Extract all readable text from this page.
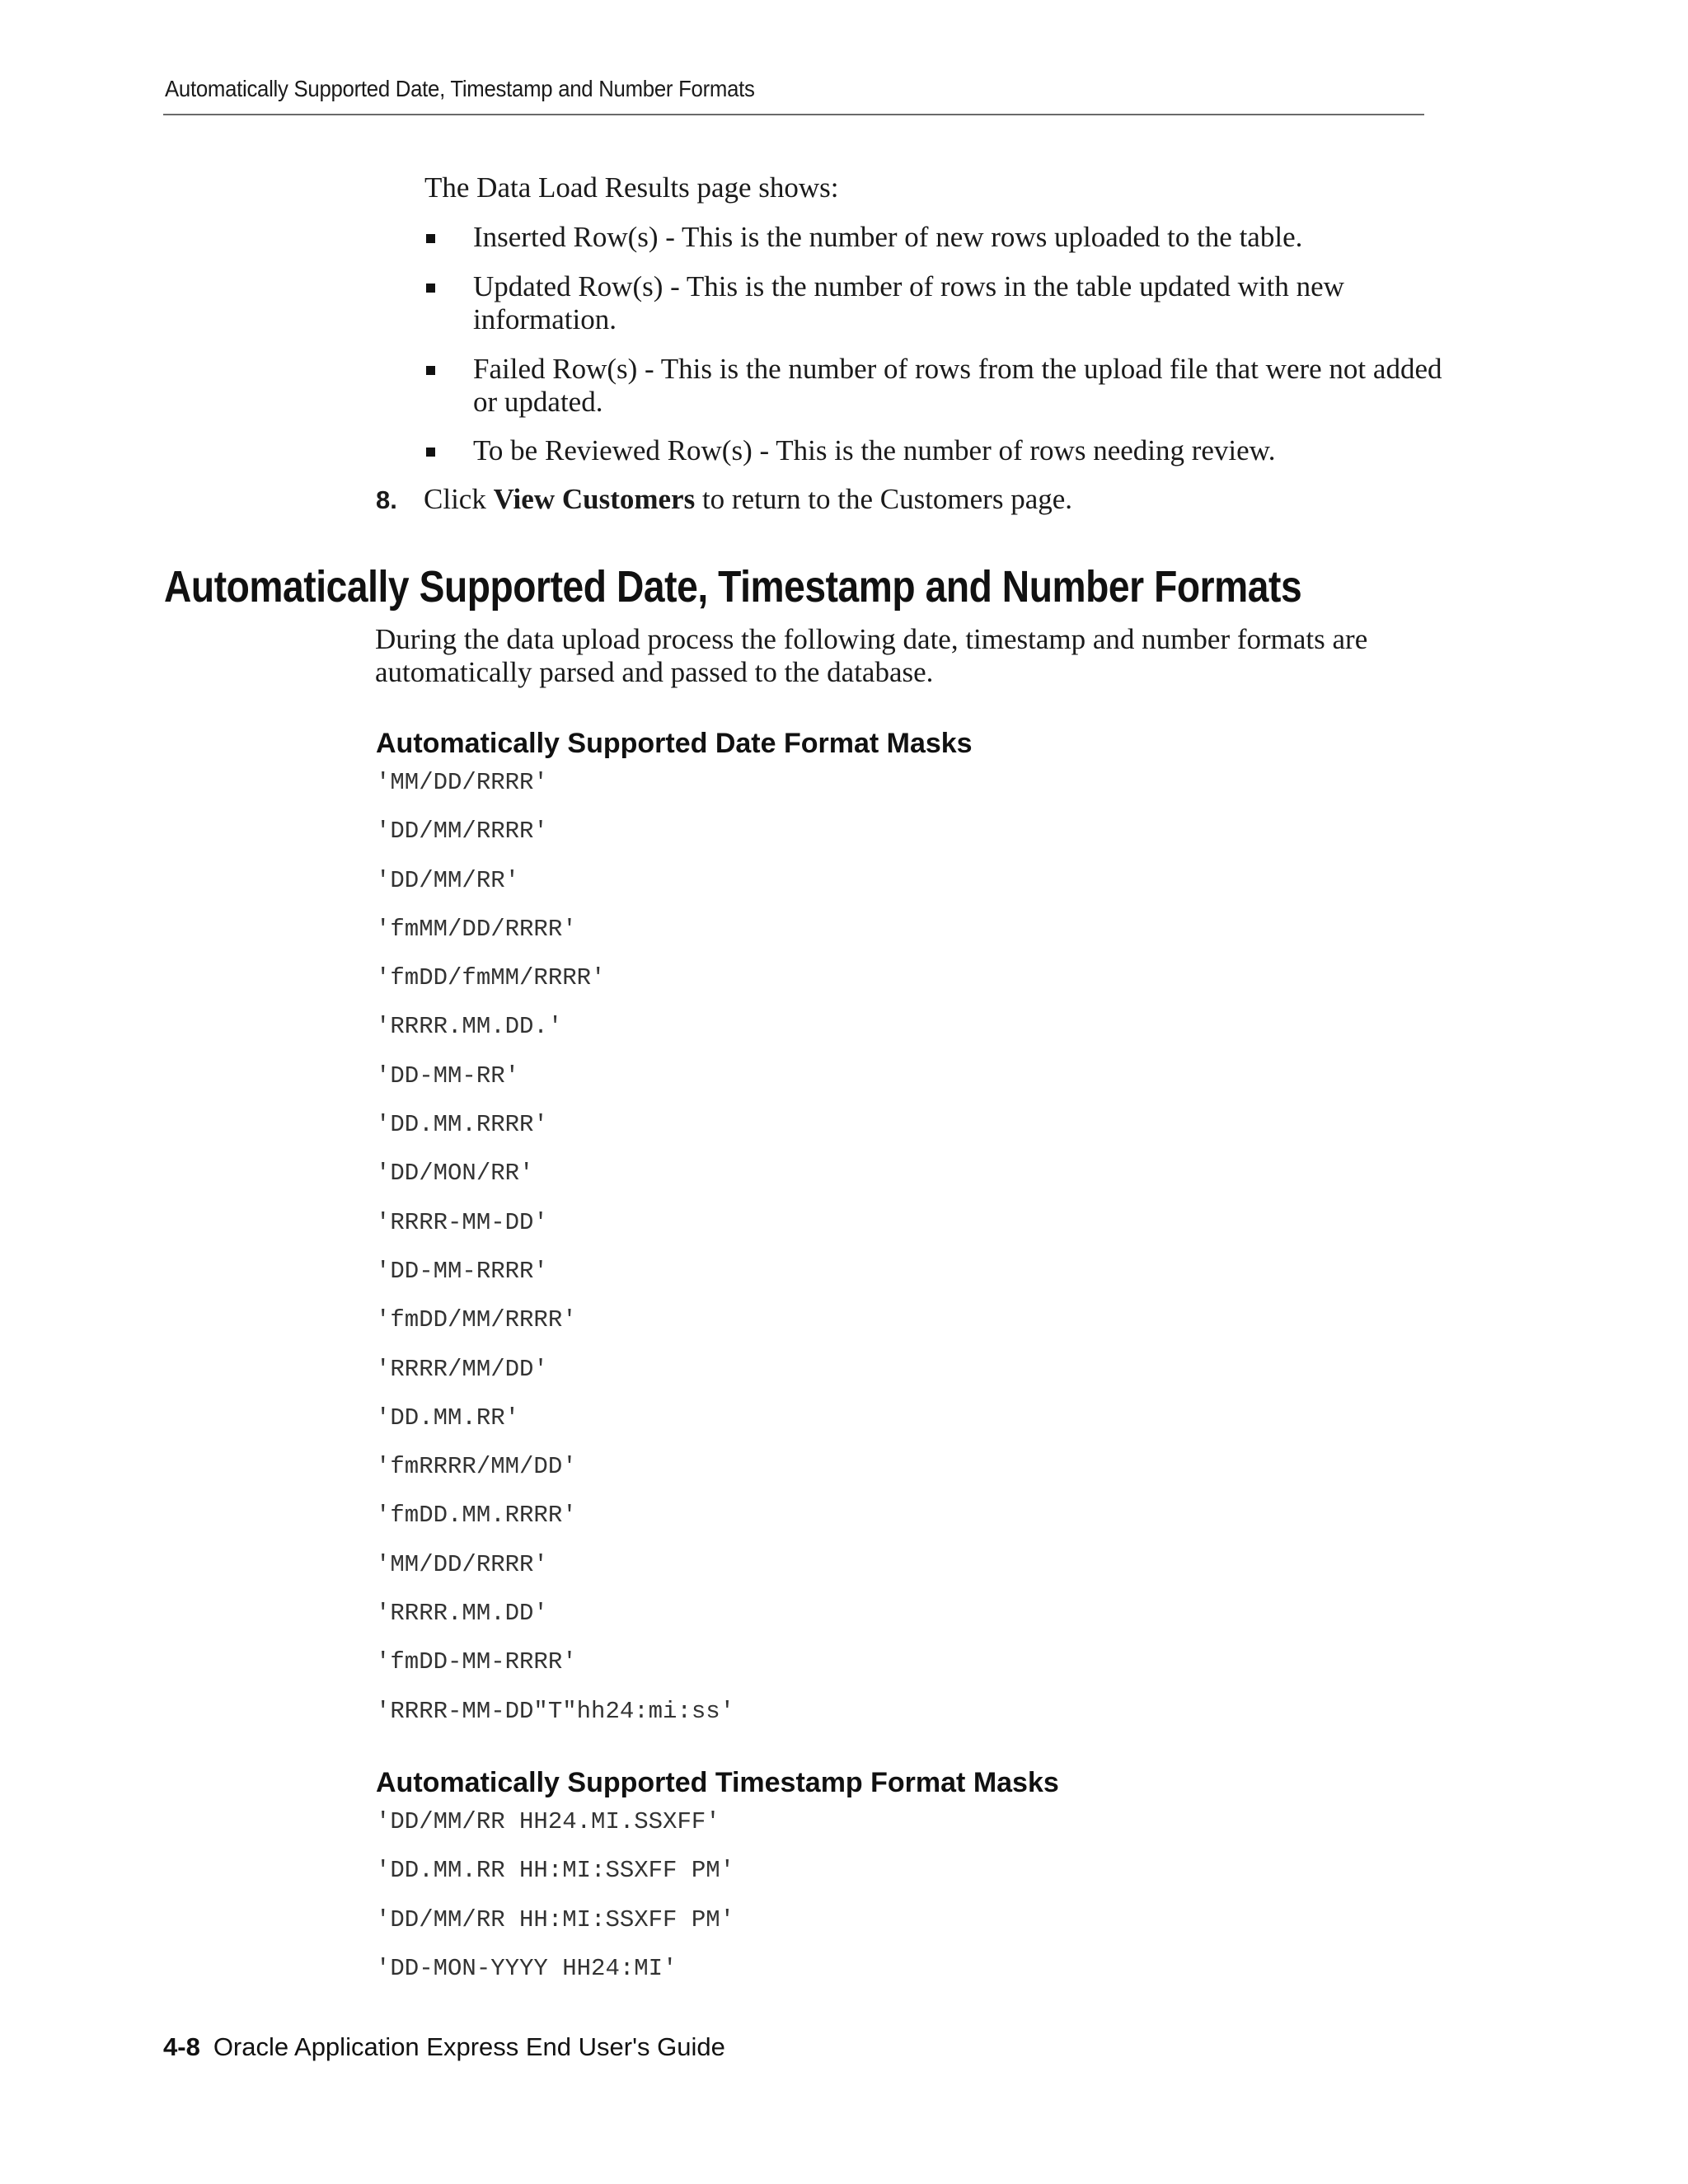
Automatically Supported Date, Timestamp and Number Formats
The Data Load Results page shows:
Inserted Row(s) - This is the number of new rows uploaded to the table.
Updated Row(s) - This is the number of rows in the table updated with new information.
Failed Row(s) - This is the number of rows from the upload file that were not added or updated.
To be Reviewed Row(s) - This is the number of rows needing review.
8. Click View Customers to return to the Customers page.
Automatically Supported Date, Timestamp and Number Formats
During the data upload process the following date, timestamp and number formats are automatically parsed and passed to the database.
Automatically Supported Date Format Masks
'MM/DD/RRRR'
'DD/MM/RRRR'
'DD/MM/RR'
'fmMM/DD/RRRR'
'fmDD/fmMM/RRRR'
'RRRR.MM.DD.'
'DD-MM-RR'
'DD.MM.RRRR'
'DD/MON/RR'
'RRRR-MM-DD'
'DD-MM-RRRR'
'fmDD/MM/RRRR'
'RRRR/MM/DD'
'DD.MM.RR'
'fmRRRR/MM/DD'
'fmDD.MM.RRRR'
'MM/DD/RRRR'
'RRRR.MM.DD'
'fmDD-MM-RRRR'
'RRRR-MM-DD"T"hh24:mi:ss'
Automatically Supported Timestamp Format Masks
'DD/MM/RR HH24.MI.SSXFF'
'DD.MM.RR HH:MI:SSXFF PM'
'DD/MM/RR HH:MI:SSXFF PM'
'DD-MON-YYYY HH24:MI'
4-8 Oracle Application Express End User's Guide
